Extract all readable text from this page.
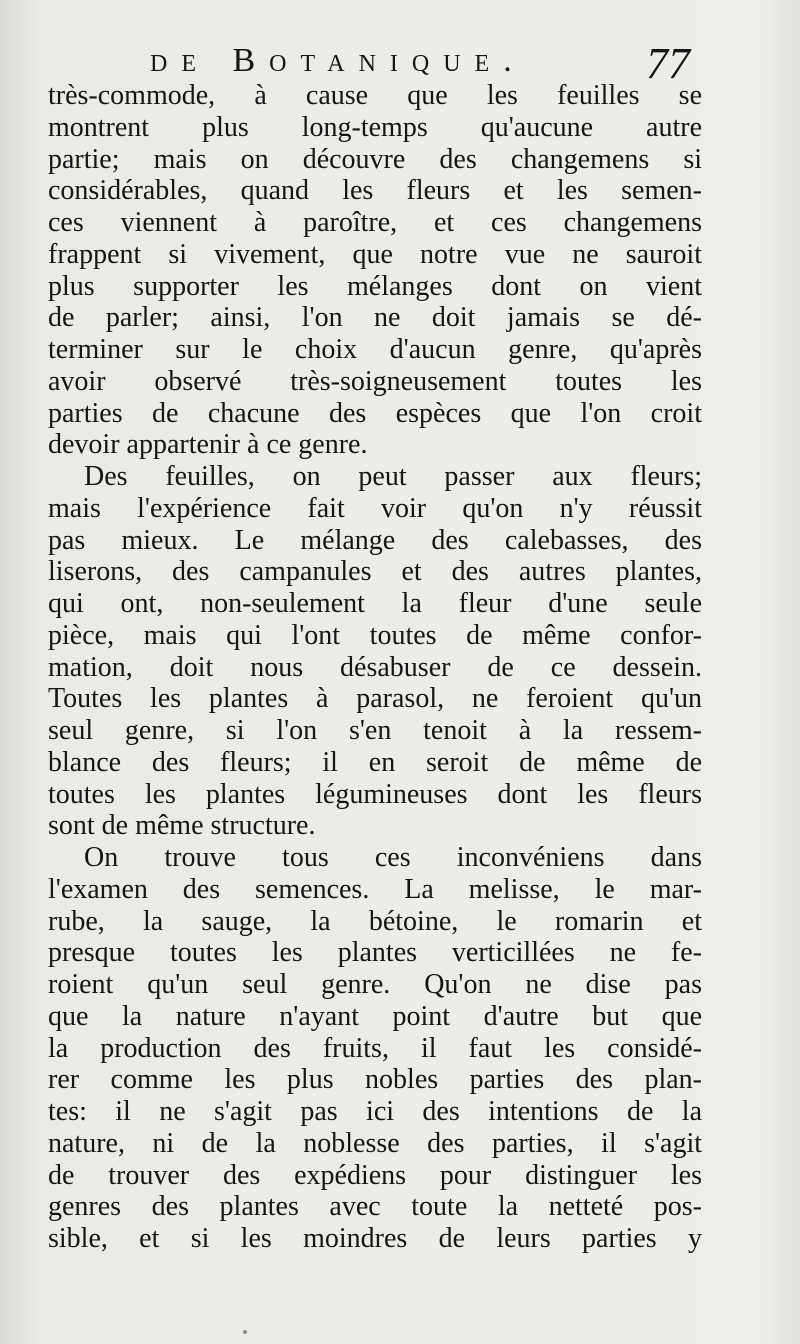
de Botanique.	77
très-commode, à cause que les feuilles se
montrent plus long-temps qu'aucune autre
partie; mais on découvre des changemens si
considérables, quand les fleurs et les semen-
ces viennent à paroître, et ces changemens
frappent si vivement, que notre vue ne sauroit
plus supporter les mélanges dont on vient
de parler; ainsi, l'on ne doit jamais se dé-
terminer sur le choix d'aucun genre, qu'après
avoir observé très-soigneusement toutes les
parties de chacune des espèces que l'on croit
devoir appartenir à ce genre.
Des feuilles, on peut passer aux fleurs;
mais l'expérience fait voir qu'on n'y réussit
pas mieux. Le mélange des calebasses, des
liserons, des campanules et des autres plantes,
qui ont, non-seulement la fleur d'une seule
pièce, mais qui l'ont toutes de même confor-
mation, doit nous désabuser de ce dessein.
Toutes les plantes à parasol, ne feroient qu'un
seul genre, si l'on s'en tenoit à la ressem-
blance des fleurs; il en seroit de même de
toutes les plantes légumineuses dont les fleurs
sont de même structure.
On trouve tous ces inconvéniens dans
l'examen des semences. La melisse, le mar-
rube, la sauge, la bétoine, le romarin et
presque toutes les plantes verticillées ne fe-
roient qu'un seul genre. Qu'on ne dise pas
que la nature n'ayant point d'autre but que
la production des fruits, il faut les considé-
rer comme les plus nobles parties des plan-
tes: il ne s'agit pas ici des intentions de la
nature, ni de la noblesse des parties, il s'agit
de trouver des expédiens pour distinguer les
genres des plantes avec toute la netteté pos-
sible, et si les moindres de leurs parties y
